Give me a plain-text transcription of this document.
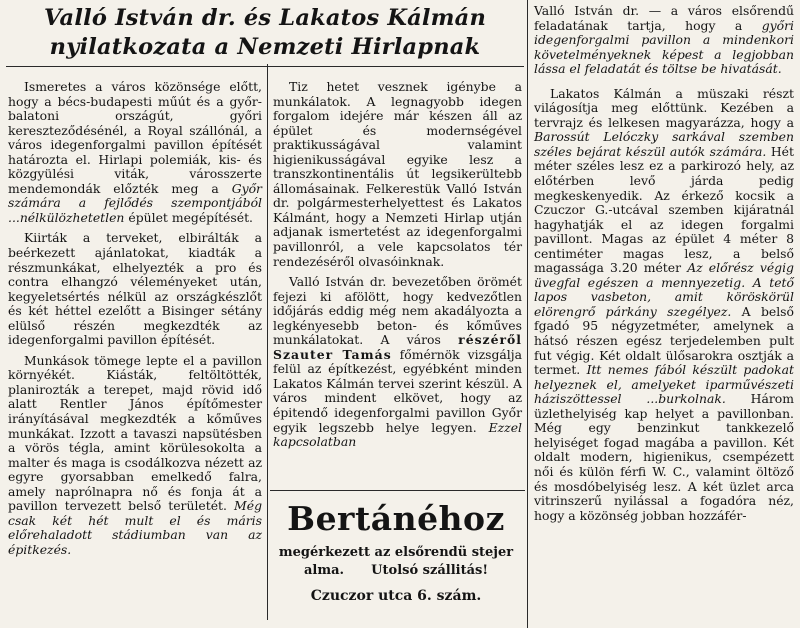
Valló István dr. és Lakatos Kálmán
nyilatkozata a Nemzeti Hirlapnak

Ismeretes a város közönsége előtt, hogy a bécs-budapesti műút és a győr-balatoni országút, győri kereszteződésénél, a Royal szállónál, a város idegenforgalmi pavillon építését határozta el. Hirlapi polemiák, kis- és közgyülési viták, városszerte mendemondák előzték meg a Győr számára a fejlődés szempontjából ...nélkülözhetetlen épület megépítését.

Kiirták a terveket, elbirálták a beérkezett ajánlatokat, kiadták a részmunkákat, elhelyezték a pro és contra elhangzó véleményeket után, kegyeletsértés nélkül az országkészlőt és két héttel ezelőtt a Bisinger sétány elülső részén megkezdték az idegenforgalmi pavillon építését.

Munkások tömege lepte el a pavillon környékét. Kiásták, feltöltötték, planirozták a terepet, majd rövid idő alatt Rentler János építőmester irányításával megkezdték a kőműves munkákat. Izzott a tavaszi napsütésben a vörös tégla, amint körülesokolta a malter és maga is csodálkozva nézett az egyre gyorsabban emelkedő falra, amely naprólnapra nő és fonja át a pavillon tervezett belső területét. Még csak két hét mult el és máris előrehaladott stádiumban van az épitkezés.

Tiz hetet vesznek igénybe a munkálatok. A legnagyobb idegen forgalom idejére már készen áll az épület és modernségével praktikusságával valamint higienikusságával egyike lesz a transzkontinentális út legsikerültebb állomásainak. Felkerestük Valló István dr. polgármesterhelyettest és Lakatos Kálmánt, hogy a Nemzeti Hirlap utján adjanak ismertetést az idegenforgalmi pavillonról, a vele kapcsolatos tér rendezéséről olvasóinknak.

Valló István dr. bevezetőben örömét fejezi ki afölött, hogy kedvezőtlen időjárás eddig még nem akadályozta a legkényesebb beton- és kőműves munkálatokat. A város részéről Szauter Tamás főmérnök vizsgálja felül az építkezést, egyébként minden Lakatos Kálmán tervei szerint készül. A város mindent elkövet, hogy az épitendő idegenforgalmi pavillon Győr egyik legszebb helye legyen. Ezzel kapcsolatban

Bertánéhoz
megérkezett az elsőrendü stejer
alma.      Utolsó szállitás!
Czuczor utca 6. szám.

Valló István dr. — a város elsőrendű feladatának tartja, hogy a győri idegenforgalmi pavillon a mindenkori követelményeknek képest a legjobban lássa el feladatát és töltse be hivatását.

Lakatos Kálmán a müszaki részt világosítja meg előttünk. Kezében a tervrajz és lelkesen magyarázza, hogy a Barossút Lelóczky sarkával szemben széles bejárat készül autók számára. Hét méter széles lesz ez a parkirozó hely, az előtérben levő járda pedig megkeskenyedik. Az érkező kocsik a Czuczor G.-utcával szemben kijáratnál hagyhatják el az idegen forgalmi pavillont. Magas az épület 4 méter 8 centiméter magas lesz, a belső magassága 3.20 méter Az előrész végig üvegfal egészen a mennyezetig. A tető lapos vasbeton, amit köröskörül elörengrő párkány szegélyez. A belső fgadó 95 négyzetméter, amelynek a hátsó részen egész terjedelemben pult fut végig. Két oldalt ülősarokra osztják a termet. Itt nemes fából készült padokat helyeznek el, amelyeket iparművészeti háziszöttessel ...burkolnak. Három üzlethelyiség kap helyet a pavillonban. Még egy benzinkut tankkezelő helyiséget fogad magába a pavillon. Két oldalt modern, higienikus, csempézett női és külön férfi W. C., valamint öltöző és mosdóbelyiség lesz. A két üzlet arca vitrinszerű nyilással a fogadóra néz, hogy a közönség jobban hozzáfér-
